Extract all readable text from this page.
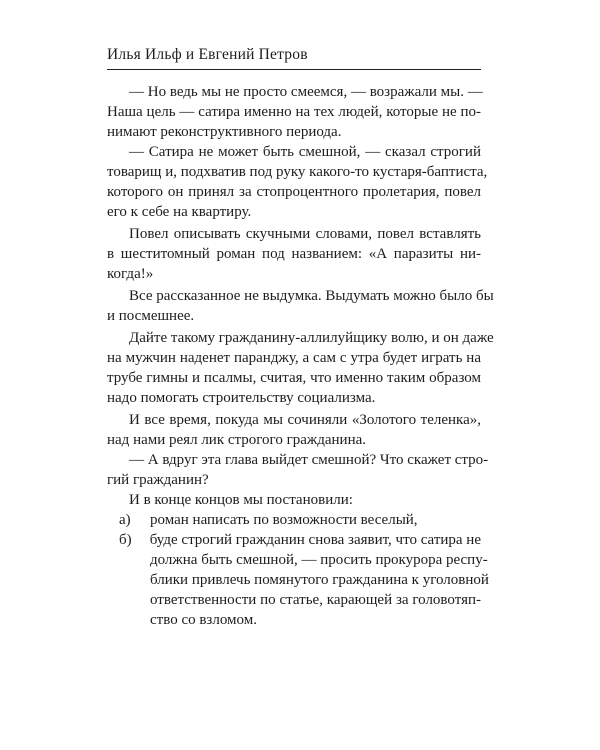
Илья Ильф и Евгений Петров
— Но ведь мы не просто смеемся, — возражали мы. —
Наша цель — сатира именно на тех людей, которые не по-
нимают реконструктивного периода.
— Сатира не может быть смешной, — сказал строгий
товарищ и, подхватив под руку какого-то кустаря-баптиста,
которого он принял за стопроцентного пролетария, повел
его к себе на квартиру.
Повел описывать скучными словами, повел вставлять
в шеститомный роман под названием: «А паразиты ни-
когда!»
Все рассказанное не выдумка. Выдумать можно было бы
и посмешнее.
Дайте такому гражданину-аллилуйщику волю, и он даже
на мужчин наденет паранджу, а сам с утра будет играть на
трубе гимны и псалмы, считая, что именно таким образом
надо помогать строительству социализма.
И все время, покуда мы сочиняли «Золотого теленка»,
над нами реял лик строгого гражданина.
— А вдруг эта глава выйдет смешной? Что скажет стро-
гий гражданин?
И в конце концов мы постановили:
а) роман написать по возможности веселый,
б)	буде строгий гражданин снова заявит, что сатира не
должна быть смешной, — просить прокурора респу-
блики привлечь помянутого гражданина к уголовной
ответственности по статье, карающей за головотяп-
ство со взломом.
